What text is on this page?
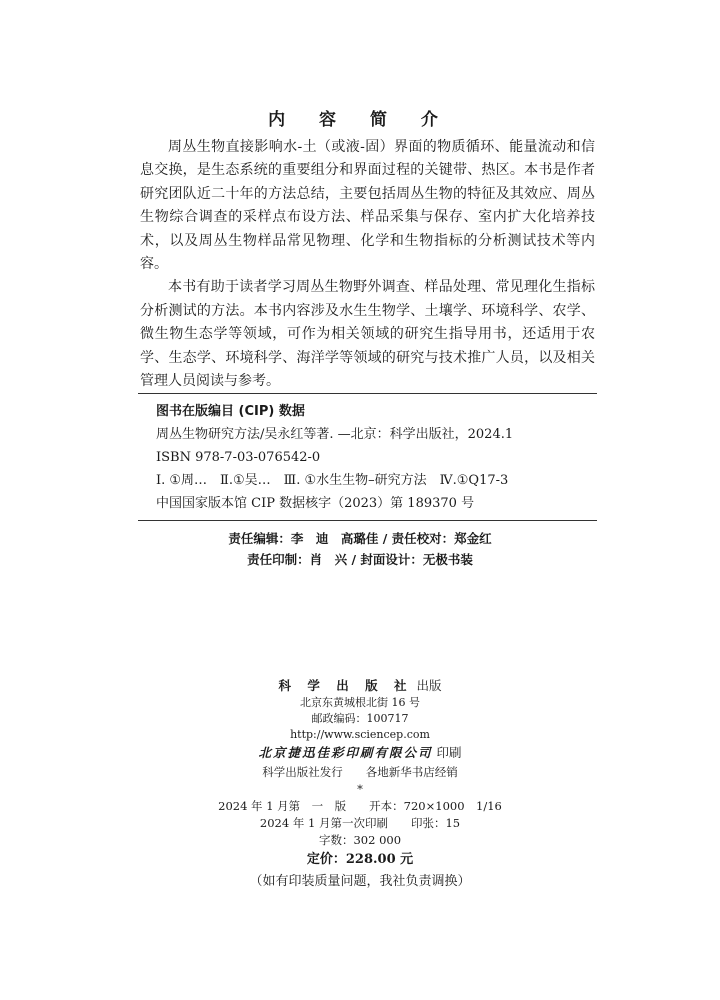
内 容 简 介

周丛生物直接影响水-土（或液-固）界面的物质循环、能量流动和信息交换，是生态系统的重要组分和界面过程的关键带、热区。本书是作者研究团队近二十年的方法总结，主要包括周丛生物的特征及其效应、周丛生物综合调查的采样点布设方法、样品采集与保存、室内扩大化培养技术，以及周丛生物样品常见物理、化学和生物指标的分析测试技术等内容。

本书有助于读者学习周丛生物野外调查、样品处理、常见理化生指标分析测试的方法。本书内容涉及水生生物学、土壤学、环境科学、农学、微生物生态学等领域，可作为相关领域的研究生指导用书，还适用于农学、生态学、环境科学、海洋学等领域的研究与技术推广人员，以及相关管理人员阅读与参考。

图书在版编目 (CIP) 数据
周丛生物研究方法/吴永红等著. —北京：科学出版社，2024.1
ISBN 978-7-03-076542-0
Ⅰ. ①周…　Ⅱ.①吴…　Ⅲ. ①水生生物–研究方法　Ⅳ.①Q17-3
中国国家版本馆 CIP 数据核字（2023）第 189370 号
责任编辑：李　迪　高璐佳 / 责任校对：郑金红
责任印制：肖　兴 / 封面设计：无极书装
科 学 出 版 社 出版
北京东黄城根北街 16 号
邮政编码：100717
http://www.sciencep.com
北京捷迅佳彩印刷有限公司 印刷
科学出版社发行　　各地新华书店经销
*
2024 年 1 月第　一　版　　开本：720×1000　1/16
2024 年 1 月第一次印刷　　印张：15
字数：302 000
定价：228.00 元
（如有印装质量问题，我社负责调换）
